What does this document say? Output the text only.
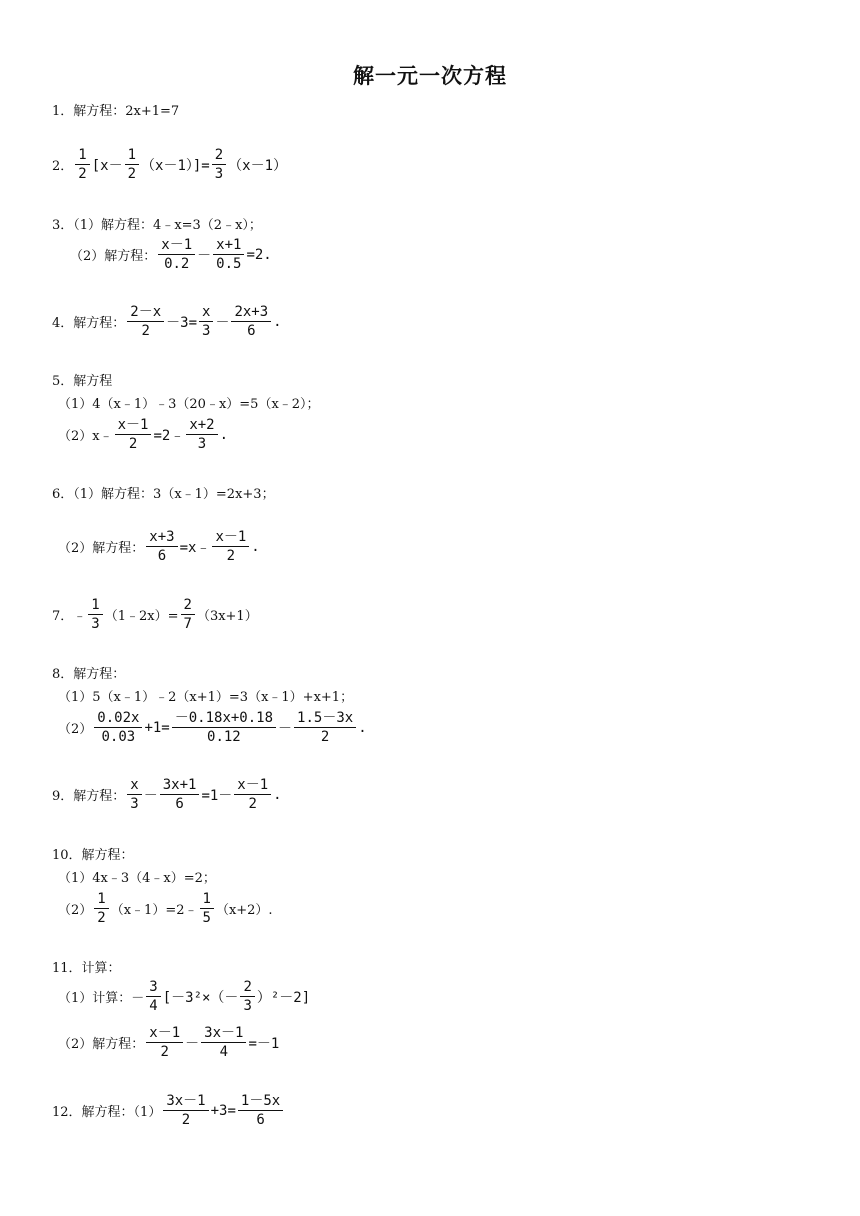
解一元一次方程
1．解方程：2x+1=7
2． $\frac{1}{2} [x- \frac{1}{2} (x-1)]= \frac{2}{3} (x-1)$
3．（1）解方程：4﹣x=3（2﹣x）；
（2）解方程： $\frac{x-1}{0.2} - \frac{x+1}{0.5} =2$.
4．解方程： $\frac{2-x}{2} -3= \frac{x}{3} - \frac{2x+3}{6}$ .
5．解方程
（1）4（x﹣1）﹣3（20﹣x）=5（x﹣2）；
（2）x﹣ $\frac{x-1}{2}$ =2﹣ $\frac{x+2}{3}$ .
6．（1）解方程：3（x﹣1）=2x+3；
（2）解方程： $\frac{x+3}{6}$ =x﹣ $\frac{x-1}{2}$ .
7．﹣ $\frac{1}{3}$ （1﹣2x）= $\frac{2}{7} (3x+1)$
8．解方程：
（1）5（x﹣1）﹣2（x+1）=3（x﹣1）+x+1；
$(2) \frac{0.02x}{0.03} +1= \frac{-0.18x+0.18}{0.12} - \frac{1.5-3x}{2}$ .
9．解方程： $\frac{x}{3} - \frac{3x+1}{6} =1- \frac{x-1}{2}$ .
10．解方程：
（1）4x﹣3（4﹣x）=2；
$(2) \frac{1}{2}$ （x﹣1）=2﹣ $\frac{1}{5} (x+2)$.
11．计算：
（1）计算：－ $\frac{3}{4} [-3^2\times(- \frac{2}{3} )^2-2]$
（2）解方程： $\frac{x-1}{2} - \frac{3x-1}{4} =-1$
12．解方程：$(1) \frac{3x-1}{2} +3= \frac{1-5x}{6}$
